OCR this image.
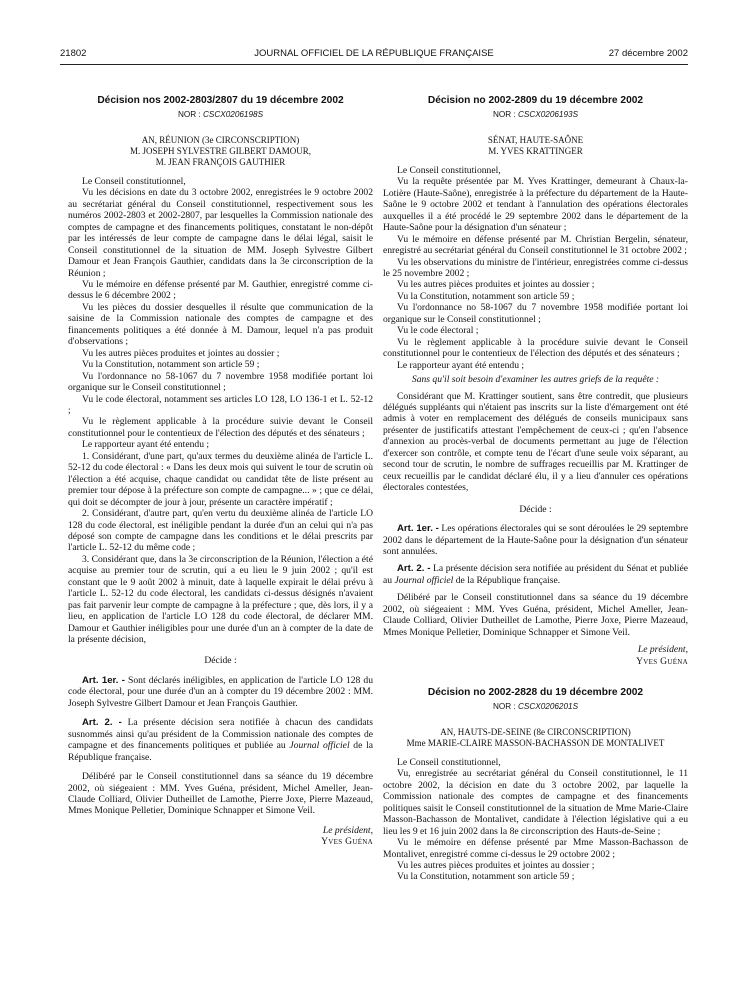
21802	JOURNAL OFFICIEL DE LA RÉPUBLIQUE FRANÇAISE	27 décembre 2002
Décision nos 2002-2803/2807 du 19 décembre 2002
NOR : CSCX0206198S
AN, RÉUNION (3e CIRCONSCRIPTION)
M. JOSEPH SYLVESTRE GILBERT DAMOUR,
M. JEAN FRANÇOIS GAUTHIER

Le Conseil constitutionnel,

Vu les décisions en date du 3 octobre 2002, enregistrées le 9 octobre 2002 au secrétariat général du Conseil constitutionnel, respectivement sous les numéros 2002-2803 et 2002-2807, par lesquelles la Commission nationale des comptes de campagne et des financements politiques, constatant le non-dépôt par les intéressés de leur compte de campagne dans le délai légal, saisit le Conseil constitutionnel de la situation de MM. Joseph Sylvestre Gilbert Damour et Jean François Gauthier, candidats dans la 3e circonscription de la Réunion ;

Vu le mémoire en défense présenté par M. Gauthier, enregistré comme ci-dessus le 6 décembre 2002 ;

Vu les pièces du dossier desquelles il résulte que communication de la saisine de la Commission nationale des comptes de campagne et des financements politiques a été donnée à M. Damour, lequel n'a pas produit d'observations ;

Vu les autres pièces produites et jointes au dossier ;

Vu la Constitution, notamment son article 59 ;

Vu l'ordonnance no 58-1067 du 7 novembre 1958 modifiée portant loi organique sur le Conseil constitutionnel ;

Vu le code électoral, notamment ses articles LO 128, LO 136-1 et L. 52-12 ;

Vu le règlement applicable à la procédure suivie devant le Conseil constitutionnel pour le contentieux de l'élection des députés et des sénateurs ;

Le rapporteur ayant été entendu ;

1. Considérant, d'une part, qu'aux termes du deuxième alinéa de l'article L. 52-12 du code électoral : « Dans les deux mois qui suivent le tour de scrutin où l'élection a été acquise, chaque candidat ou candidat tête de liste présent au premier tour dépose à la préfecture son compte de campagne... » ; que ce délai, qui doit se décompter de jour à jour, présente un caractère impératif ;

2. Considérant, d'autre part, qu'en vertu du deuxième alinéa de l'article LO 128 du code électoral, est inéligible pendant la durée d'un an celui qui n'a pas déposé son compte de campagne dans les conditions et le délai prescrits par l'article L. 52-12 du même code ;

3. Considérant que, dans la 3e circonscription de la Réunion, l'élection a été acquise au premier tour de scrutin, qui a eu lieu le 9 juin 2002 ; qu'il est constant que le 9 août 2002 à minuit, date à laquelle expirait le délai prévu à l'article L. 52-12 du code électoral, les candidats ci-dessus désignés n'avaient pas fait parvenir leur compte de campagne à la préfecture ; que, dès lors, il y a lieu, en application de l'article LO 128 du code électoral, de déclarer MM. Damour et Gauthier inéligibles pour une durée d'un an à compter de la date de la présente décision,

Décide :

Art. 1er. - Sont déclarés inéligibles, en application de l'article LO 128 du code électoral, pour une durée d'un an à compter du 19 décembre 2002 : MM. Joseph Sylvestre Gilbert Damour et Jean François Gauthier.

Art. 2. - La présente décision sera notifiée à chacun des candidats susnommés ainsi qu'au président de la Commission nationale des comptes de campagne et des financements politiques et publiée au Journal officiel de la République française.

Délibéré par le Conseil constitutionnel dans sa séance du 19 décembre 2002, où siégeaient : MM. Yves Guéna, président, Michel Ameller, Jean-Claude Colliard, Olivier Dutheillet de Lamothe, Pierre Joxe, Pierre Mazeaud, Mmes Monique Pelletier, Dominique Schnapper et Simone Veil.

Le président,
Yves Guéna
Décision no 2002-2809 du 19 décembre 2002
NOR : CSCX0206193S
SÉNAT, HAUTE-SAÔNE
M. YVES KRATTINGER

Le Conseil constitutionnel,

Vu la requête présentée par M. Yves Krattinger, demeurant à Chaux-la-Lotière (Haute-Saône), enregistrée à la préfecture du département de la Haute-Saône le 9 octobre 2002 et tendant à l'annulation des opérations électorales auxquelles il a été procédé le 29 septembre 2002 dans le département de la Haute-Saône pour la désignation d'un sénateur ;

Vu le mémoire en défense présenté par M. Christian Bergelin, sénateur, enregistré au secrétariat général du Conseil constitutionnel le 31 octobre 2002 ;

Vu les observations du ministre de l'intérieur, enregistrées comme ci-dessus le 25 novembre 2002 ;

Vu les autres pièces produites et jointes au dossier ;

Vu la Constitution, notamment son article 59 ;

Vu l'ordonnance no 58-1067 du 7 novembre 1958 modifiée portant loi organique sur le Conseil constitutionnel ;

Vu le code électoral ;

Vu le règlement applicable à la procédure suivie devant le Conseil constitutionnel pour le contentieux de l'élection des députés et des sénateurs ;

Le rapporteur ayant été entendu ;

Sans qu'il soit besoin d'examiner les autres griefs de la requête :

Considérant que M. Krattinger soutient, sans être contredit, que plusieurs délégués suppléants qui n'étaient pas inscrits sur la liste d'émargement ont été admis à voter en remplacement des délégués de conseils municipaux sans présenter de justificatifs attestant l'empêchement de ceux-ci ; qu'en l'absence d'annexion au procès-verbal de documents permettant au juge de l'élection d'exercer son contrôle, et compte tenu de l'écart d'une seule voix séparant, au second tour de scrutin, le nombre de suffrages recueillis par M. Krattinger de ceux recueillis par le candidat déclaré élu, il y a lieu d'annuler ces opérations électorales contestées,

Décide :

Art. 1er. - Les opérations électorales qui se sont déroulées le 29 septembre 2002 dans le département de la Haute-Saône pour la désignation d'un sénateur sont annulées.

Art. 2. - La présente décision sera notifiée au président du Sénat et publiée au Journal officiel de la République française.

Délibéré par le Conseil constitutionnel dans sa séance du 19 décembre 2002, où siégeaient : MM. Yves Guéna, président, Michel Ameller, Jean-Claude Colliard, Olivier Dutheillet de Lamothe, Pierre Joxe, Pierre Mazeaud, Mmes Monique Pelletier, Dominique Schnapper et Simone Veil.

Le président,
Yves Guéna
Décision no 2002-2828 du 19 décembre 2002
NOR : CSCX0206201S
AN, HAUTS-DE-SEINE (8e CIRCONSCRIPTION)
Mme MARIE-CLAIRE MASSON-BACHASSON DE MONTALIVET

Le Conseil constitutionnel,

Vu, enregistrée au secrétariat général du Conseil constitutionnel, le 11 octobre 2002, la décision en date du 3 octobre 2002, par laquelle la Commission nationale des comptes de campagne et des financements politiques saisit le Conseil constitutionnel de la situation de Mme Marie-Claire Masson-Bachasson de Montalivet, candidate à l'élection législative qui a eu lieu les 9 et 16 juin 2002 dans la 8e circonscription des Hauts-de-Seine ;

Vu le mémoire en défense présenté par Mme Masson-Bachasson de Montalivet, enregistré comme ci-dessus le 29 octobre 2002 ;

Vu les autres pièces produites et jointes au dossier ;

Vu la Constitution, notamment son article 59 ;
